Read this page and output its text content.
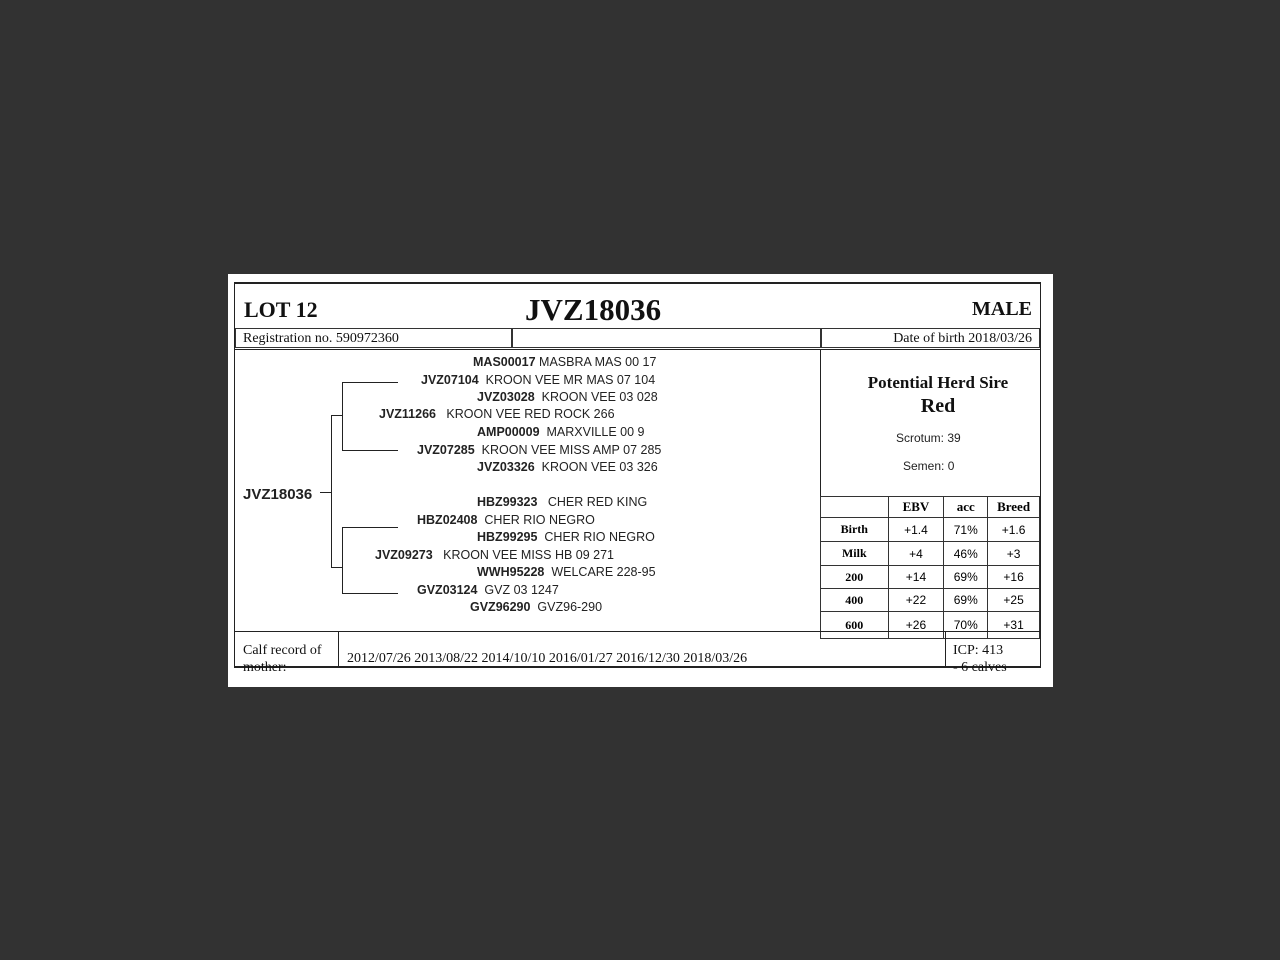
LOT 12	JVZ18036	MALE
Registration no. 590972360	Date of birth 2018/03/26
JVZ18036
MAS00017 MASBRA MAS 00 17
JVZ07104 KROON VEE MR MAS 07 104
JVZ03028 KROON VEE 03 028
JVZ11266 KROON VEE RED ROCK 266
AMP00009 MARXVILLE 00 9
JVZ07285 KROON VEE MISS AMP 07 285
JVZ03326 KROON VEE 03 326
HBZ99323 CHER RED KING
HBZ02408 CHER RIO NEGRO
HBZ99295 CHER RIO NEGRO
JVZ09273 KROON VEE MISS HB 09 271
WWH95228 WELCARE 228-95
GVZ03124 GVZ 03 1247
GVZ96290 GVZ96-290
Potential Herd Sire
Red
Scrotum: 39
Semen: 0
	EBV	acc	Breed
Birth	+1.4	71%	+1.6
Milk	+4	46%	+3
200	+14	69%	+16
400	+22	69%	+25
600	+26	70%	+31
Calf record of mother:
2012/07/26 2013/08/22 2014/10/10 2016/01/27 2016/12/30 2018/03/26
ICP: 413
- 6 calves
